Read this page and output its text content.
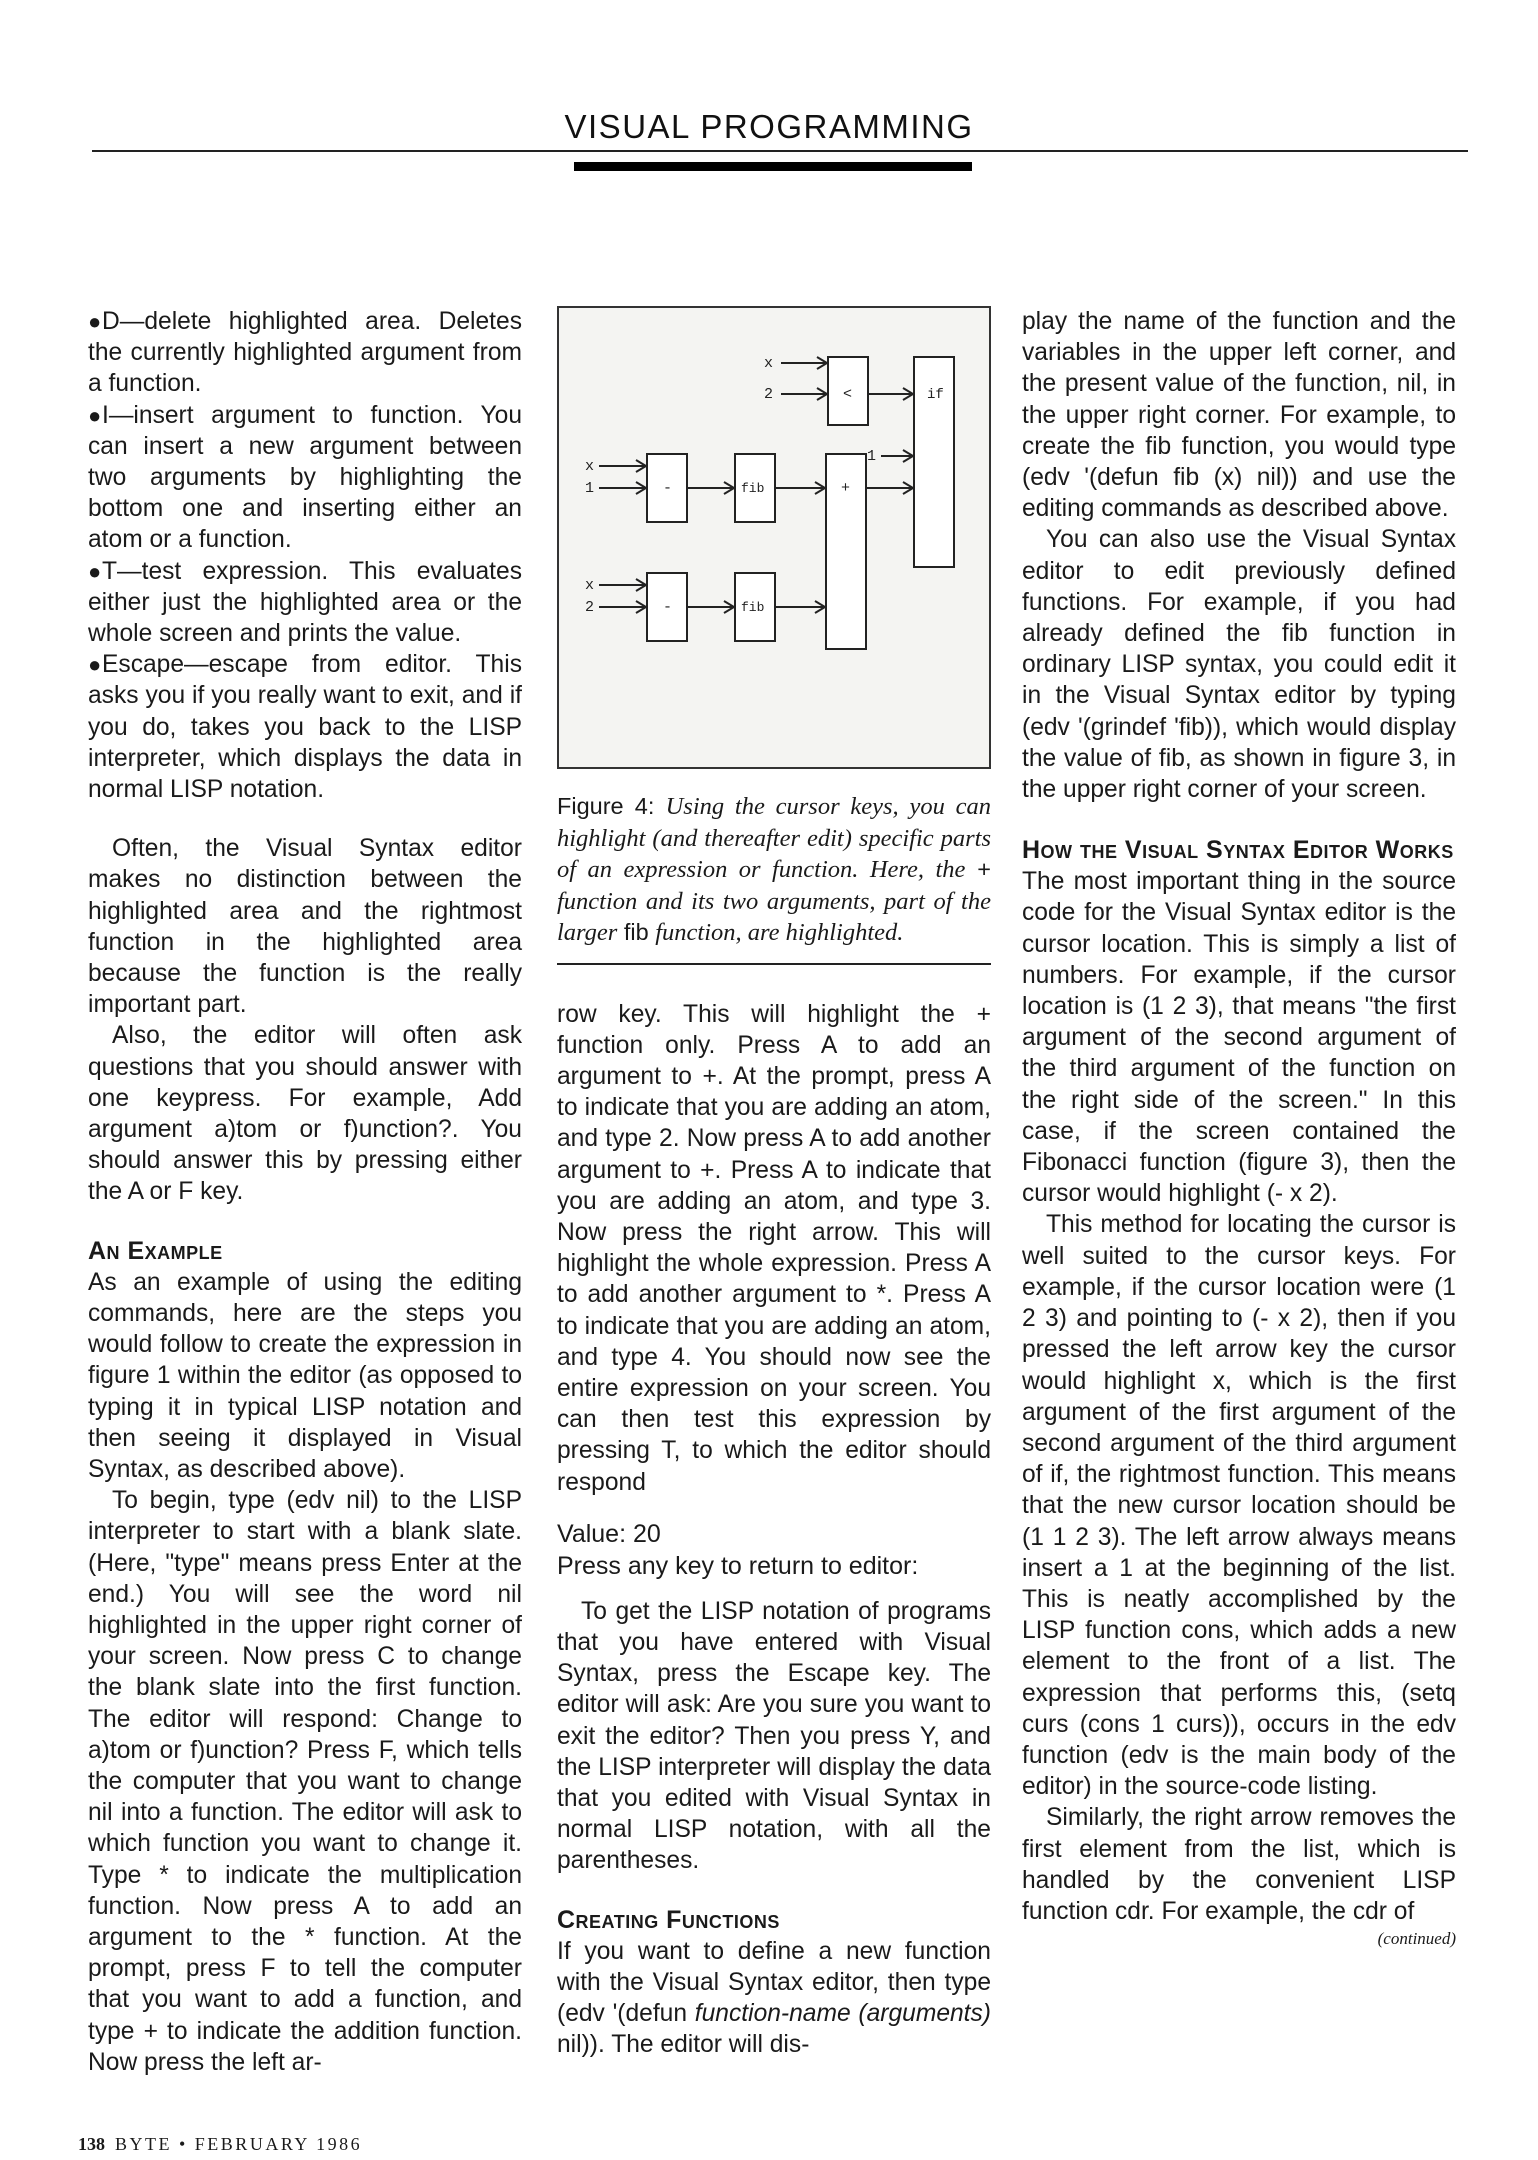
VISUAL PROGRAMMING

●D—delete highlighted area. Deletes the currently highlighted argument from a function.

●I—insert argument to function. You can insert a new argument between two arguments by highlighting the bottom one and inserting either an atom or a function.

●T—test expression. This evaluates either just the highlighted area or the whole screen and prints the value.

●Escape—escape from editor. This asks you if you really want to exit, and if you do, takes you back to the LISP interpreter, which displays the data in normal LISP notation.

Often, the Visual Syntax editor makes no distinction between the highlighted area and the rightmost function in the highlighted area because the function is the really important part.

Also, the editor will often ask questions that you should answer with one keypress. For example, Add argument a)tom or f)unction?. You should answer this by pressing either the A or F key.

An Example

As an example of using the editing commands, here are the steps you would follow to create the expression in figure 1 within the editor (as opposed to typing it in typical LISP notation and then seeing it displayed in Visual Syntax, as described above).

To begin, type (edv nil) to the LISP interpreter to start with a blank slate. (Here, "type" means press Enter at the end.) You will see the word nil highlighted in the upper right corner of your screen. Now press C to change the blank slate into the first function. The editor will respond: Change to a)tom or f)unction? Press F, which tells the computer that you want to change nil into a function. The editor will ask to which function you want to change it. Type * to indicate the multiplication function. Now press A to add an argument to the * function. At the prompt, press F to tell the computer that you want to add a function, and type + to indicate the addition function. Now press the left ar-

x
2	<	if
1
x
1	-	fib	+
x
2	-	fib

Figure 4: Using the cursor keys, you can highlight (and thereafter edit) specific parts of an expression or function. Here, the + function and its two arguments, part of the larger fib function, are highlighted.

row key. This will highlight the + function only. Press A to add an argument to +. At the prompt, press A to indicate that you are adding an atom, and type 2. Now press A to add another argument to +. Press A to indicate that you are adding an atom, and type 3. Now press the right arrow. This will highlight the whole expression. Press A to add another argument to *. Press A to indicate that you are adding an atom, and type 4. You should now see the entire expression on your screen. You can then test this expression by pressing T, to which the editor should respond

Value: 20
Press any key to return to editor:

To get the LISP notation of programs that you have entered with Visual Syntax, press the Escape key. The editor will ask: Are you sure you want to exit the editor? Then you press Y, and the LISP interpreter will display the data that you edited with Visual Syntax in normal LISP notation, with all the parentheses.

Creating Functions

If you want to define a new function with the Visual Syntax editor, then type (edv '(defun function-name (arguments) nil)). The editor will dis-

play the name of the function and the variables in the upper left corner, and the present value of the function, nil, in the upper right corner. For example, to create the fib function, you would type (edv '(defun fib (x) nil)) and use the editing commands as described above.

You can also use the Visual Syntax editor to edit previously defined functions. For example, if you had already defined the fib function in ordinary LISP syntax, you could edit it in the Visual Syntax editor by typing (edv '(grindef 'fib)), which would display the value of fib, as shown in figure 3, in the upper right corner of your screen.

How the Visual Syntax Editor Works

The most important thing in the source code for the Visual Syntax editor is the cursor location. This is simply a list of numbers. For example, if the cursor location is (1 2 3), that means "the first argument of the second argument of the third argument of the function on the right side of the screen." In this case, if the screen contained the Fibonacci function (figure 3), then the cursor would highlight (- x 2).

This method for locating the cursor is well suited to the cursor keys. For example, if the cursor location were (1 2 3) and pointing to (- x 2), then if you pressed the left arrow key the cursor would highlight x, which is the first argument of the first argument of the second argument of the third argument of if, the rightmost function. This means that the new cursor location should be (1 1 2 3). The left arrow always means insert a 1 at the beginning of the list. This is neatly accomplished by the LISP function cons, which adds a new element to the front of a list. The expression that performs this, (setq curs (cons 1 curs)), occurs in the edv function (edv is the main body of the editor) in the source-code listing.

Similarly, the right arrow removes the first element from the list, which is handled by the convenient LISP function cdr. For example, the cdr of

(continued)
138 BYTE • FEBRUARY 1986
